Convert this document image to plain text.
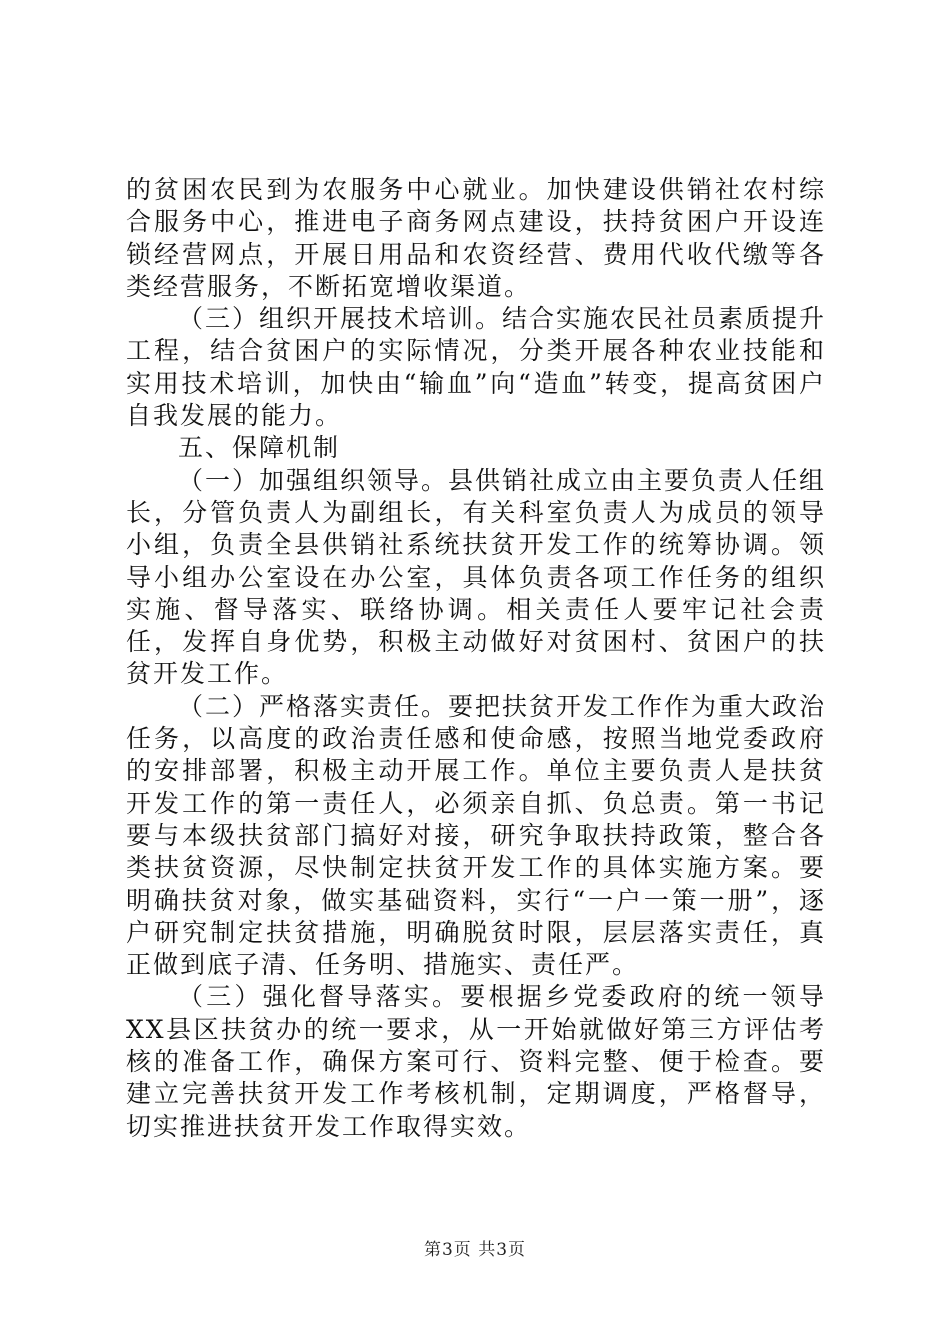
的贫困农民到为农服务中心就业。加快建设供销社农村综合服务中心，推进电子商务网点建设，扶持贫困户开设连锁经营网点，开展日用品和农资经营、费用代收代缴等各类经营服务，不断拓宽增收渠道。

（三）组织开展技术培训。结合实施农民社员素质提升工程，结合贫困户的实际情况，分类开展各种农业技能和实用技术培训，加快由“输血”向“造血”转变，提高贫困户自我发展的能力。

五、保障机制

（一）加强组织领导。县供销社成立由主要负责人任组长，分管负责人为副组长，有关科室负责人为成员的领导小组，负责全县供销社系统扶贫开发工作的统筹协调。领导小组办公室设在办公室，具体负责各项工作任务的组织实施、督导落实、联络协调。相关责任人要牢记社会责任，发挥自身优势，积极主动做好对贫困村、贫困户的扶贫开发工作。

（二）严格落实责任。要把扶贫开发工作作为重大政治任务，以高度的政治责任感和使命感，按照当地党委政府的安排部署，积极主动开展工作。单位主要负责人是扶贫开发工作的第一责任人，必须亲自抓、负总责。第一书记要与本级扶贫部门搞好对接，研究争取扶持政策，整合各类扶贫资源，尽快制定扶贫开发工作的具体实施方案。要明确扶贫对象，做实基础资料，实行“一户一策一册”，逐户研究制定扶贫措施，明确脱贫时限，层层落实责任，真正做到底子清、任务明、措施实、责任严。

（三）强化督导落实。要根据乡党委政府的统一领导XX县区扶贫办的统一要求，从一开始就做好第三方评估考核的准备工作，确保方案可行、资料完整、便于检查。要建立完善扶贫开发工作考核机制，定期调度，严格督导，切实推进扶贫开发工作取得实效。

第3页 共3页
